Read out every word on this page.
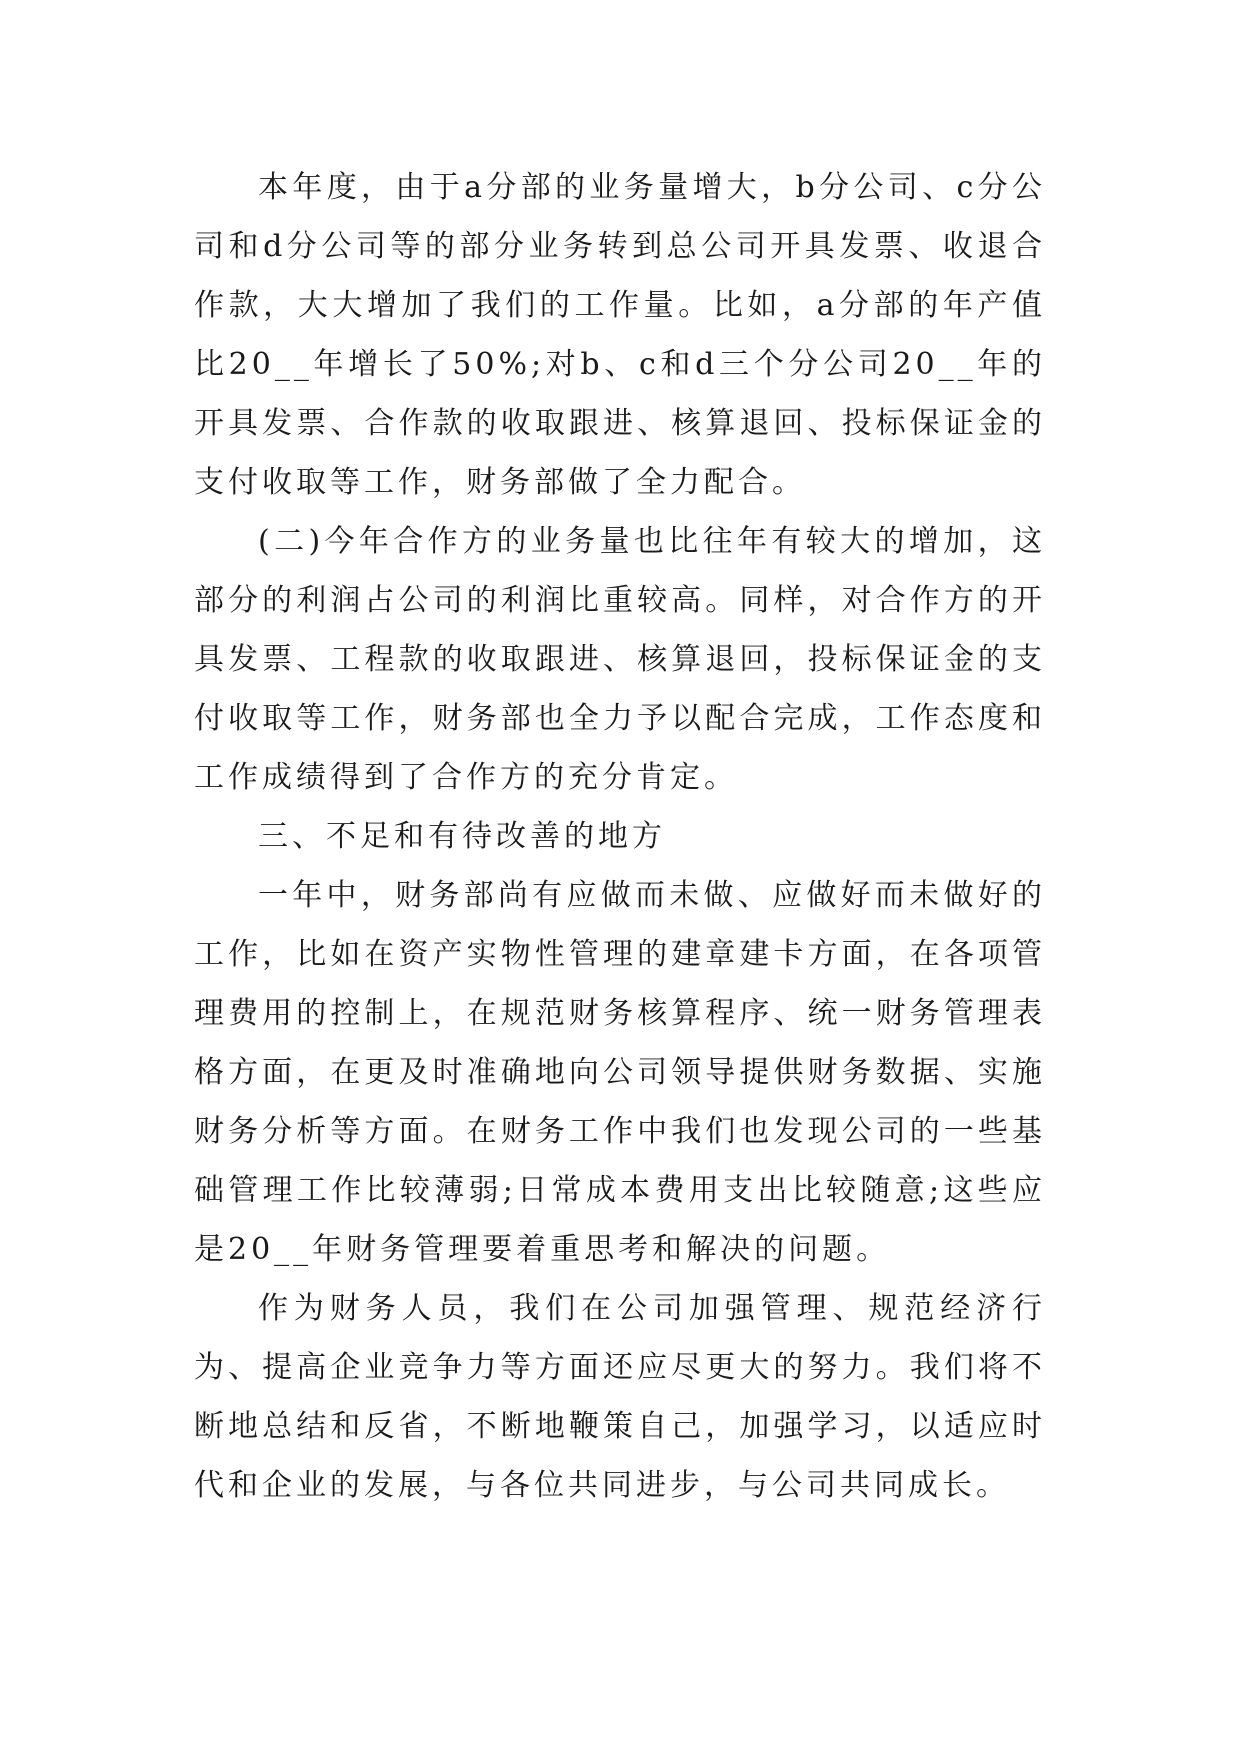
本年度，由于a分部的业务量增大，b分公司、c分公司和d分公司等的部分业务转到总公司开具发票、收退合作款，大大增加了我们的工作量。比如，a分部的年产值比20__年增长了50%;对b、c和d三个分公司20__年的开具发票、合作款的收取跟进、核算退回、投标保证金的支付收取等工作，财务部做了全力配合。

(二)今年合作方的业务量也比往年有较大的增加，这部分的利润占公司的利润比重较高。同样，对合作方的开具发票、工程款的收取跟进、核算退回，投标保证金的支付收取等工作，财务部也全力予以配合完成，工作态度和工作成绩得到了合作方的充分肯定。

三、不足和有待改善的地方

一年中，财务部尚有应做而未做、应做好而未做好的工作，比如在资产实物性管理的建章建卡方面，在各项管理费用的控制上，在规范财务核算程序、统一财务管理表格方面，在更及时准确地向公司领导提供财务数据、实施财务分析等方面。在财务工作中我们也发现公司的一些基础管理工作比较薄弱;日常成本费用支出比较随意;这些应是20__年财务管理要着重思考和解决的问题。

作为财务人员，我们在公司加强管理、规范经济行为、提高企业竞争力等方面还应尽更大的努力。我们将不断地总结和反省，不断地鞭策自己，加强学习，以适应时代和企业的发展，与各位共同进步，与公司共同成长。
